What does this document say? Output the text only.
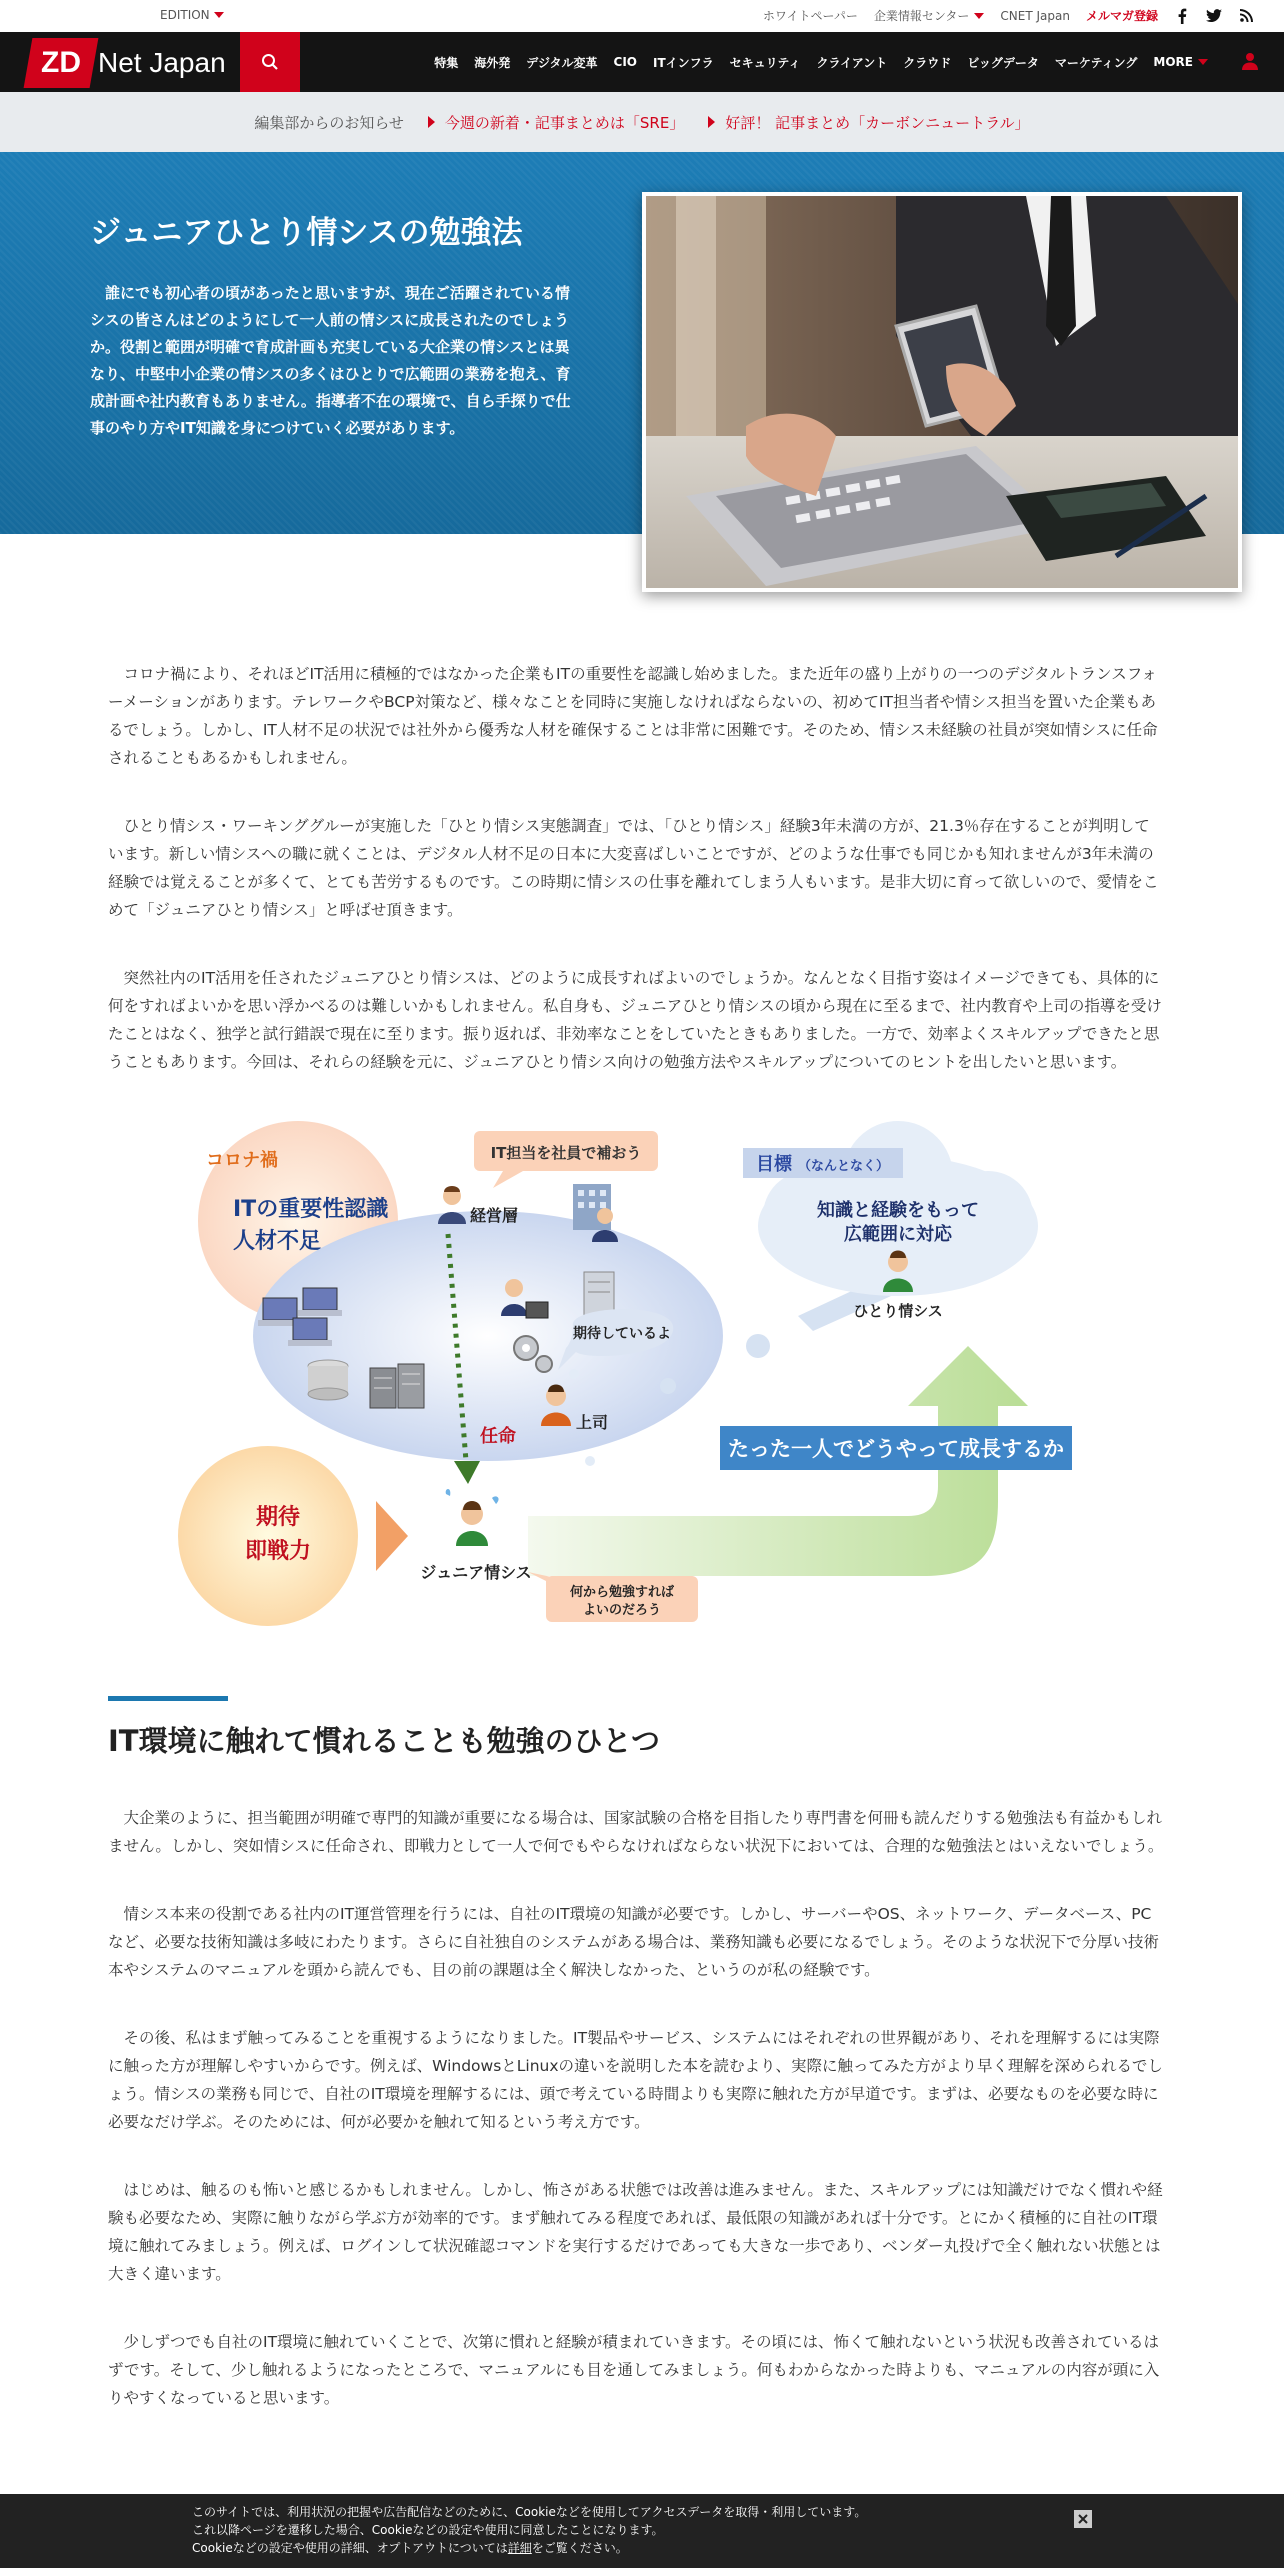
EDITION	ホワイトペーパー 企業情報センター	CNET Japan メルマガ登録
ZD Net Japan	特集 海外発 デジタル変革 CIO ITインフラ セキュリティ クライアント クラウド ビッグデータ マーケティング MORE
編集部からのお知らせ	今週の新着・記事まとめは「SRE」	好評！ 記事まとめ「カーボンニュートラル」
ジュニアひとり情シスの勉強法

誰にでも初心者の頃があったと思いますが、現在ご活躍されている情シスの皆さんはどのようにして一人前の情シスに成長されたのでしょうか。役割と範囲が明確で育成計画も充実している大企業の情シスとは異なり、中堅中小企業の情シスの多くはひとりで広範囲の業務を抱え、育成計画や社内教育もありません。指導者不在の環境で、自ら手探りで仕事のやり方やIT知識を身につけていく必要があります。

コロナ禍により、それほどIT活用に積極的ではなかった企業もITの重要性を認識し始めました。また近年の盛り上がりの一つのデジタルトランスフォーメーションがあります。テレワークやBCP対策など、様々なことを同時に実施しなければならないの、初めてIT担当者や情シス担当を置いた企業もあるでしょう。しかし、IT人材不足の状況では社外から優秀な人材を確保することは非常に困難です。そのため、情シス未経験の社員が突如情シスに任命されることもあるかもしれません。

ひとり情シス・ワーキンググルーが実施した「ひとり情シス実態調査」では、「ひとり情シス」経験3年未満の方が、21.3％存在することが判明しています。新しい情シスへの職に就くことは、デジタル人材不足の日本に大変喜ばしいことですが、どのような仕事でも同じかも知れませんが3年未満の経験では覚えることが多くて、とても苦労するものです。この時期に情シスの仕事を離れてしまう人もいます。是非大切に育って欲しいので、愛情をこめて「ジュニアひとり情シス」と呼ばせ頂きます。

突然社内のIT活用を任されたジュニアひとり情シスは、どのように成長すればよいのでしょうか。なんとなく目指す姿はイメージできても、具体的に何をすればよいかを思い浮かべるのは難しいかもしれません。私自身も、ジュニアひとり情シスの頃から現在に至るまで、社内教育や上司の指導を受けたことはなく、独学と試行錯誤で現在に至ります。振り返れば、非効率なことをしていたときもありました。一方で、効率よくスキルアップできたと思うこともあります。今回は、それらの経験を元に、ジュニアひとり情シス向けの勉強方法やスキルアップについてのヒントを出したいと思います。

コロナ禍
ITの重要性認識
人材不足
IT担当を社員で補おう
経営層
期待しているよ
上司
任命
目標 （なんとなく）
知識と経験をもって
広範囲に対応
ひとり情シス
たった一人でどうやって成長するか
期待
即戦力
ジュニア情シス
何から勉強すれば
よいのだろう
IT環境に触れて慣れることも勉強のひとつ

大企業のように、担当範囲が明確で専門的知識が重要になる場合は、国家試験の合格を目指したり専門書を何冊も読んだりする勉強法も有益かもしれません。しかし、突如情シスに任命され、即戦力として一人で何でもやらなければならない状況下においては、合理的な勉強法とはいえないでしょう。

情シス本来の役割である社内のIT運営管理を行うには、自社のIT環境の知識が必要です。しかし、サーバーやOS、ネットワーク、データベース、PCなど、必要な技術知識は多岐にわたります。さらに自社独自のシステムがある場合は、業務知識も必要になるでしょう。そのような状況下で分厚い技術本やシステムのマニュアルを頭から読んでも、目の前の課題は全く解決しなかった、というのが私の経験です。

その後、私はまず触ってみることを重視するようになりました。IT製品やサービス、システムにはそれぞれの世界観があり、それを理解するには実際に触った方が理解しやすいからです。例えば、WindowsとLinuxの違いを説明した本を読むより、実際に触ってみた方がより早く理解を深められるでしょう。情シスの業務も同じで、自社のIT環境を理解するには、頭で考えている時間よりも実際に触れた方が早道です。まずは、必要なものを必要な時に必要なだけ学ぶ。そのためには、何が必要かを触れて知るという考え方です。

はじめは、触るのも怖いと感じるかもしれません。しかし、怖さがある状態では改善は進みません。また、スキルアップには知識だけでなく慣れや経験も必要なため、実際に触りながら学ぶ方が効率的です。まず触れてみる程度であれば、最低限の知識があれば十分です。とにかく積極的に自社のIT環境に触れてみましょう。例えば、ログインして状況確認コマンドを実行するだけであっても大きな一歩であり、ベンダー丸投げで全く触れない状態とは大きく違います。

少しずつでも自社のIT環境に触れていくことで、次第に慣れと経験が積まれていきます。その頃には、怖くて触れないという状況も改善されているはずです。そして、少し触れるようになったところで、マニュアルにも目を通してみましょう。何もわからなかった時よりも、マニュアルの内容が頭に入りやすくなっていると思います。

このサイトでは、利用状況の把握や広告配信などのために、Cookieなどを使用してアクセスデータを取得・利用しています。
これ以降ページを遷移した場合、Cookieなどの設定や使用に同意したことになります。
Cookieなどの設定や使用の詳細、オプトアウトについては詳細をご覧ください。
